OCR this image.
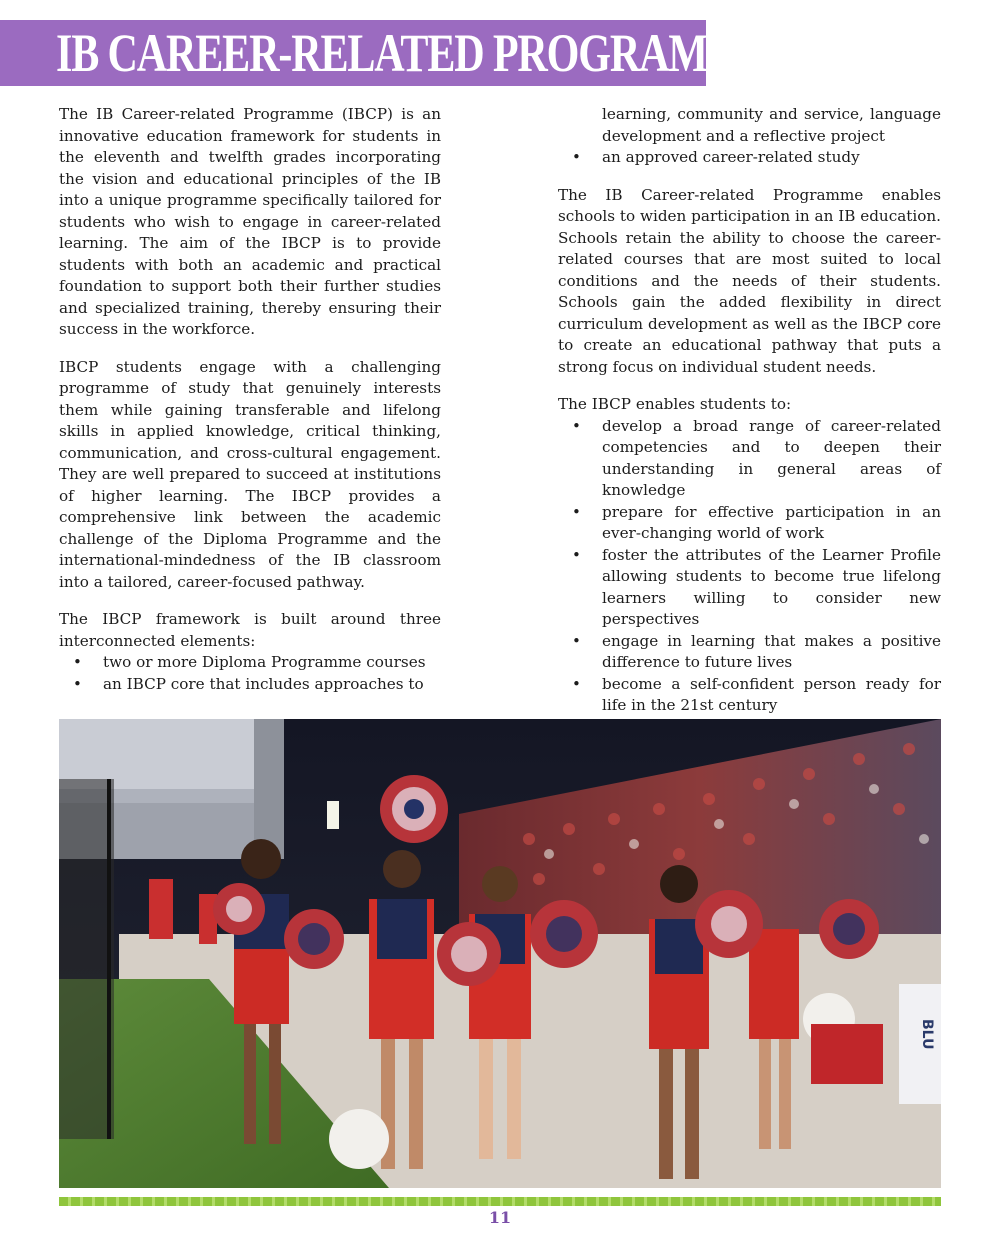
IB CAREER-RELATED PROGRAMME

The IB Career-related Programme (IBCP) is an innovative education framework for students in the eleventh and twelfth grades incorporating the vision and educational principles of the IB into a unique programme specifically tailored for students who wish to engage in career-related learning. The aim of the IBCP is to provide students with both an academic and practical foundation to support both their further studies and specialized training, thereby ensuring their success in the workforce.

IBCP students engage with a challenging programme of study that genuinely interests them while gaining transferable and lifelong skills in applied knowledge, critical thinking, communication, and cross-cultural engagement. They are well prepared to succeed at institutions of higher learning. The IBCP provides a comprehensive link between the academic challenge of the Diploma Programme and the international-mindedness of the IB classroom into a tailored, career-focused pathway.

The IBCP framework is built around three interconnected elements:

• two or more Diploma Programme courses
• an IBCP core that includes approaches to
learning, community and service, language development and a reflective project
• an approved career-related study

The IB Career-related Programme enables schools to widen participation in an IB education. Schools retain the ability to choose the career-related courses that are most suited to local conditions and the needs of their students. Schools gain the added flexibility in direct curriculum development as well as the IBCP core to create an educational pathway that puts a strong focus on individual student needs.

The IBCP enables students to:

• develop a broad range of career-related competencies and to deepen their understanding in general areas of knowledge
• prepare for effective participation in an ever-changing world of work
• foster the attributes of the Learner Profile allowing students to become true lifelong learners willing to consider new perspectives
• engage in learning that makes a positive difference to future lives
• become a self-confident person ready for life in the 21st century
BLU
11
